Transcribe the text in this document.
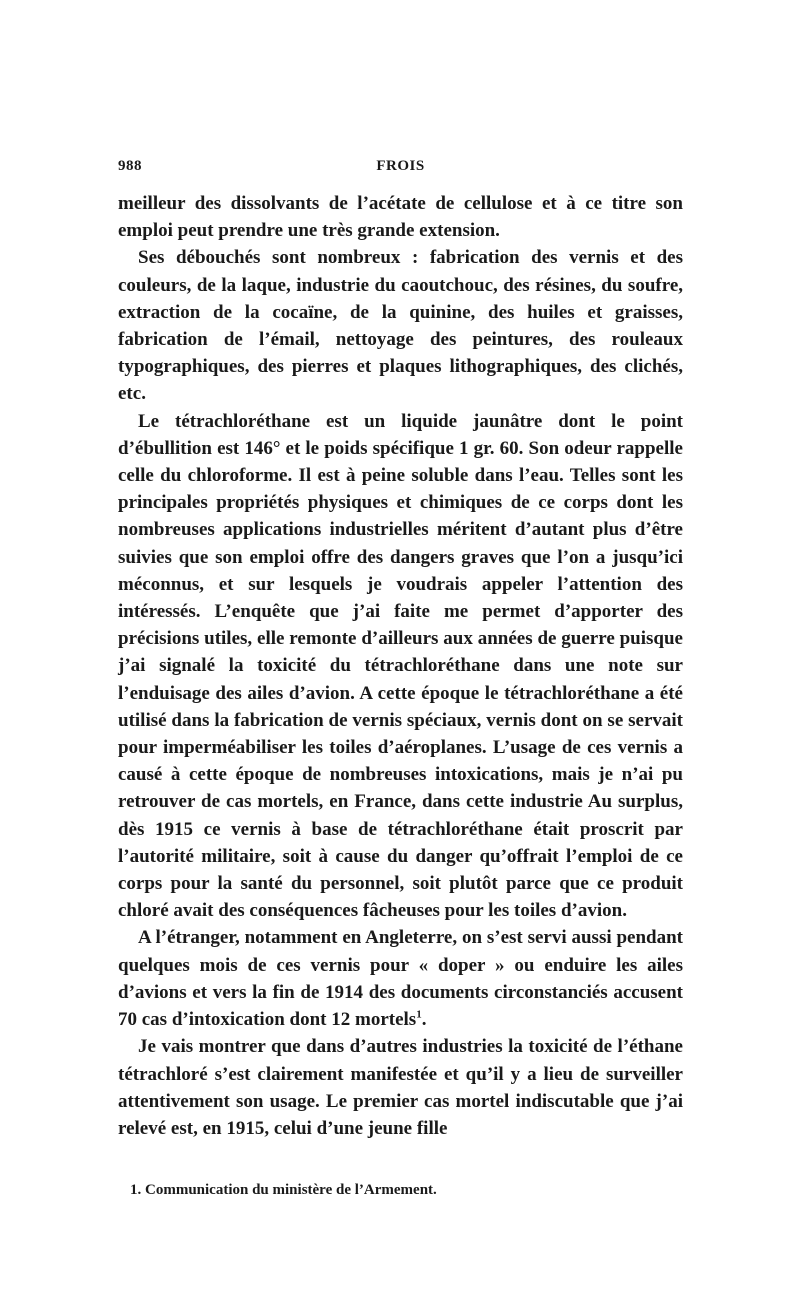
988	FROIS

meilleur des dissolvants de l’acétate de cellulose et à ce titre son emploi peut prendre une très grande extension.

Ses débouchés sont nombreux : fabrication des vernis et des couleurs, de la laque, industrie du caoutchouc, des résines, du soufre, extraction de la cocaïne, de la quinine, des huiles et graisses, fabrication de l’émail, nettoyage des peintures, des rouleaux typographiques, des pierres et plaques lithographiques, des clichés, etc.

Le tétrachloréthane est un liquide jaunâtre dont le point d’ébullition est 146° et le poids spécifique 1 gr. 60. Son odeur rappelle celle du chloroforme. Il est à peine soluble dans l’eau. Telles sont les principales propriétés physiques et chimiques de ce corps dont les nombreuses applications industrielles méritent d’autant plus d’être suivies que son emploi offre des dangers graves que l’on a jusqu’ici méconnus, et sur lesquels je voudrais appeler l’attention des intéressés. L’enquête que j’ai faite me permet d’apporter des précisions utiles, elle remonte d’ailleurs aux années de guerre puisque j’ai signalé la toxicité du tétrachloréthane dans une note sur l’enduisage des ailes d’avion. A cette époque le tétrachloréthane a été utilisé dans la fabrication de vernis spéciaux, vernis dont on se servait pour imperméabiliser les toiles d’aéroplanes. L’usage de ces vernis a causé à cette époque de nombreuses intoxications, mais je n’ai pu retrouver de cas mortels, en France, dans cette industrie Au surplus, dès 1915 ce vernis à base de tétrachloréthane était proscrit par l’autorité militaire, soit à cause du danger qu’offrait l’emploi de ce corps pour la santé du personnel, soit plutôt parce que ce produit chloré avait des conséquences fâcheuses pour les toiles d’avion.

A l’étranger, notamment en Angleterre, on s’est servi aussi pendant quelques mois de ces vernis pour « doper » ou enduire les ailes d’avions et vers la fin de 1914 des documents circonstanciés accusent 70 cas d’intoxication dont 12 mortels$^1$.

Je vais montrer que dans d’autres industries la toxicité de l’éthane tétrachloré s’est clairement manifestée et qu’il y a lieu de surveiller attentivement son usage. Le premier cas mortel indiscutable que j’ai relevé est, en 1915, celui d’une jeune fille

1. Communication du ministère de l’Armement.
